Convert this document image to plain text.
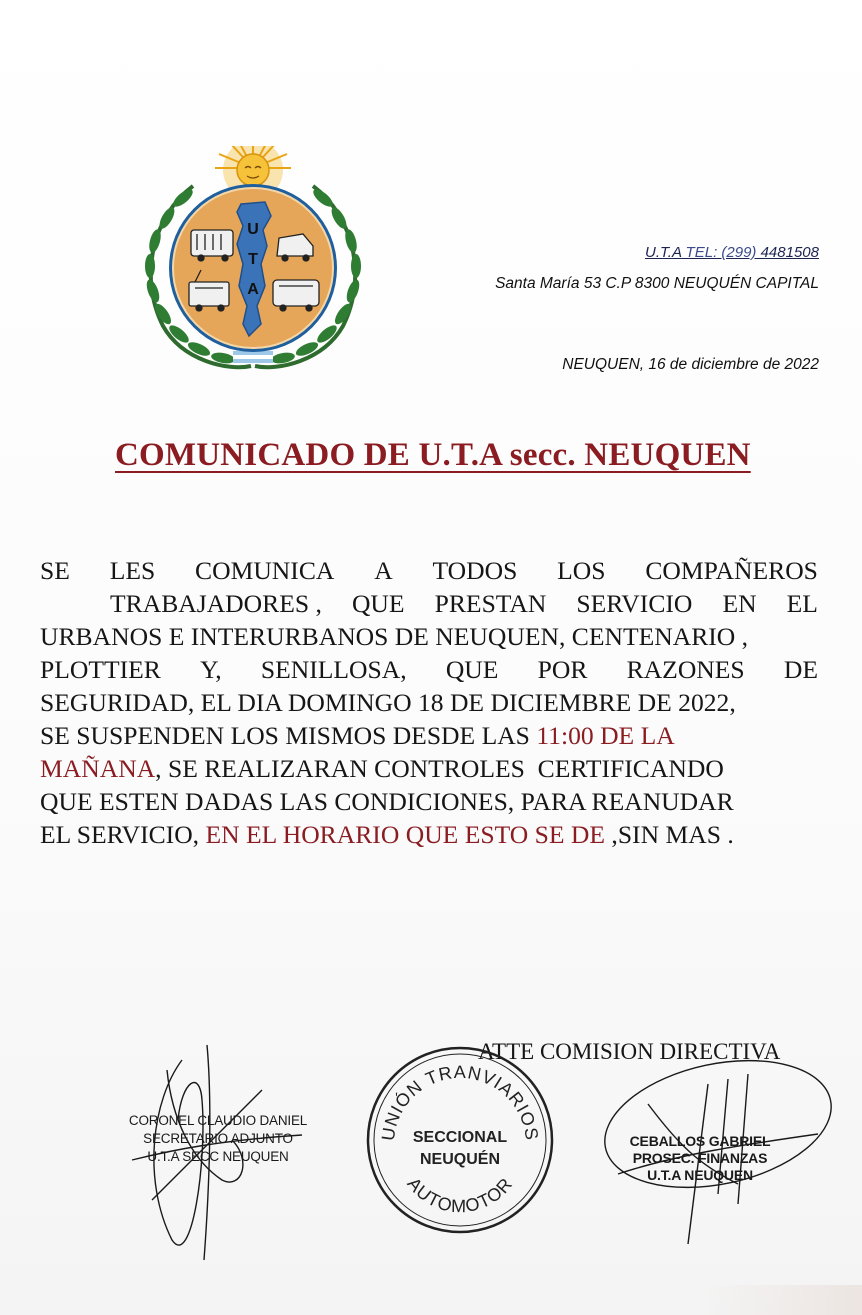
U
T
A
U.T.A TEL: (299) 4481508
Santa María 53 C.P 8300 NEUQUÉN CAPITAL
NEUQUEN, 16 de diciembre de 2022
COMUNICADO DE U.T.A secc. NEUQUEN
SE LES COMUNICA A TODOS LOS COMPAÑEROS
TRABAJADORES , QUE PRESTAN SERVICIO EN EL
URBANOS E INTERURBANOS DE NEUQUEN, CENTENARIO ,
PLOTTIER Y, SENILLOSA, QUE POR RAZONES DE
SEGURIDAD, EL DIA DOMINGO 18 DE DICIEMBRE DE 2022,
SE SUSPENDEN LOS MISMOS DESDE LAS 11:00 DE LA
MAÑANA , SE REALIZARAN CONTROLES  CERTIFICANDO
QUE ESTEN DADAS LAS CONDICIONES, PARA REANUDAR
EL SERVICIO, EN EL HORARIO QUE ESTO SE DE ,SIN MAS .
ATTE COMISION DIRECTIVA
CORONEL CLAUDIO DANIEL
SECRETARIO ADJUNTO
U.T.A SECC NEUQUEN
UNIÓN TRANVIARIOS
SECCIONAL
NEUQUÉN
AUTOMOTOR
CEBALLOS GABRIEL
PROSEC. FINANZAS
U.T.A NEUQUEN
